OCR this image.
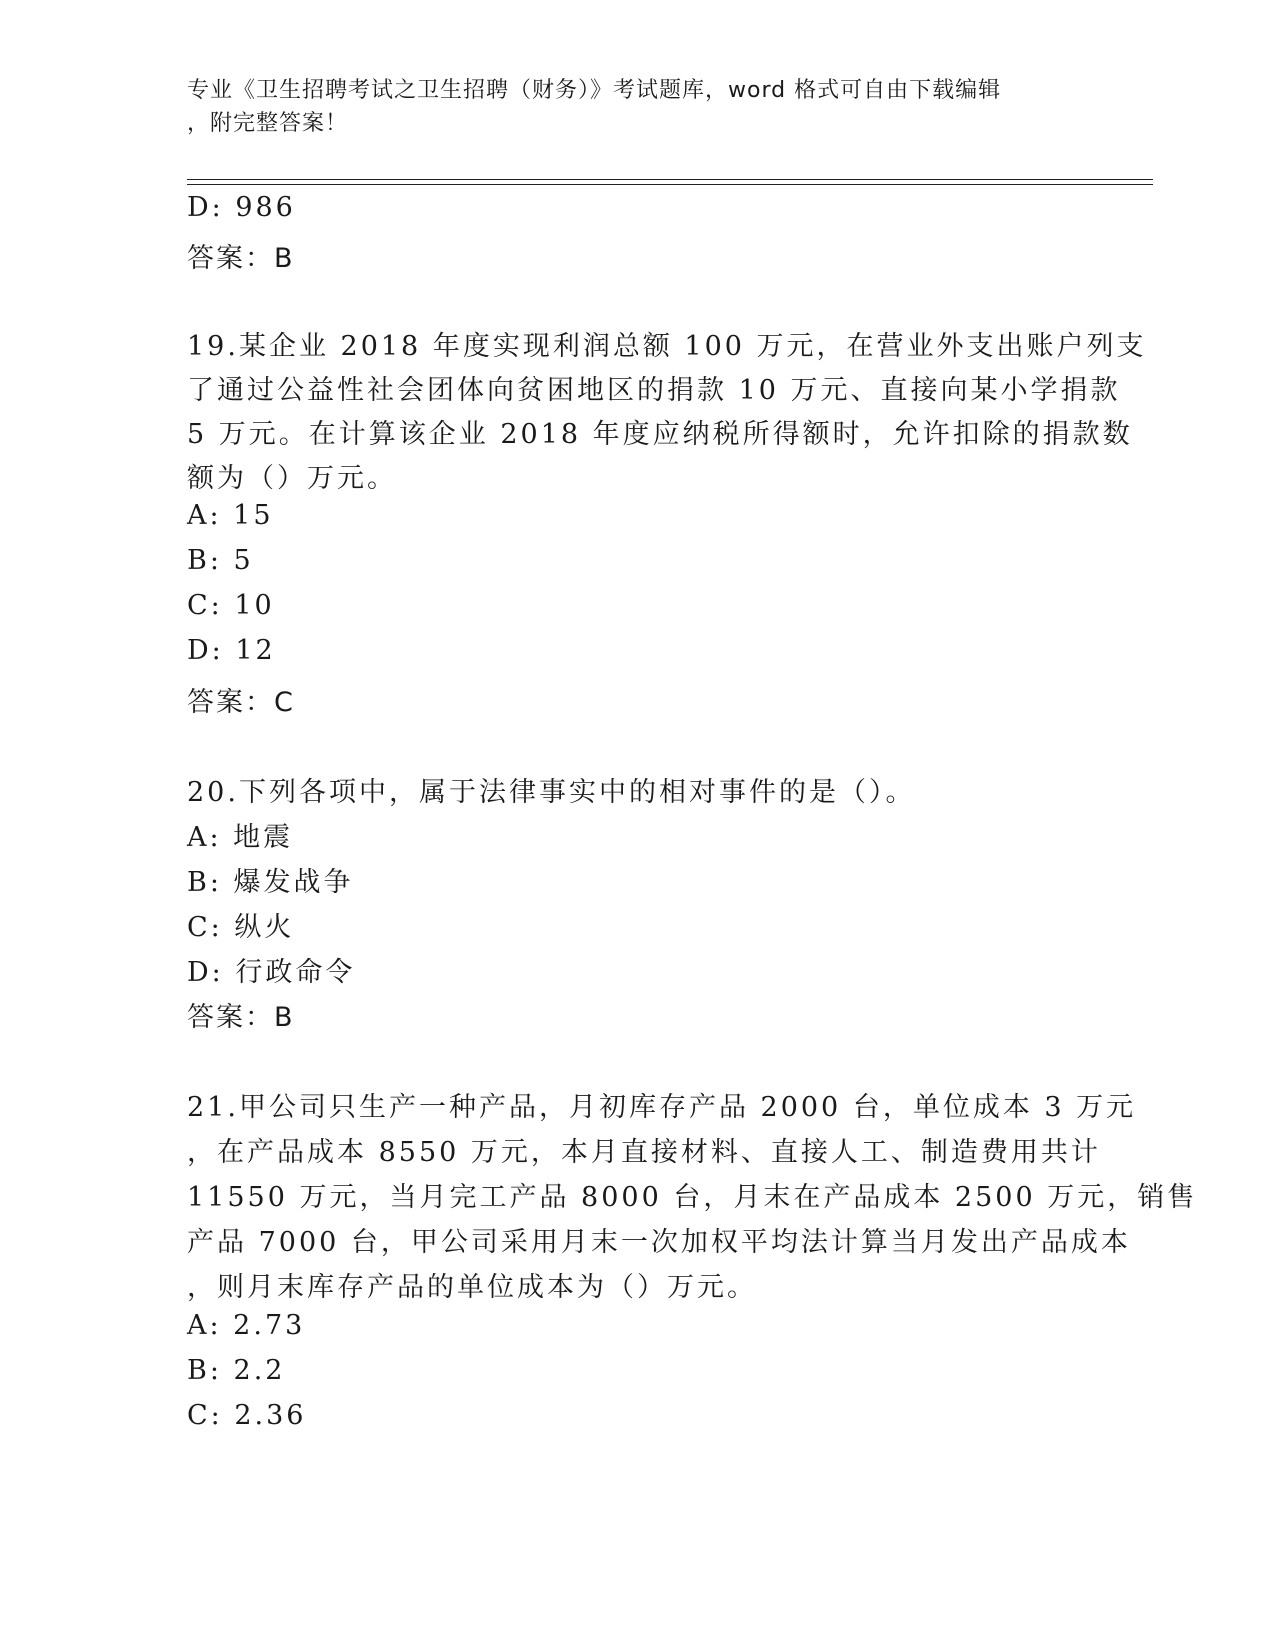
专业《卫生招聘考试之卫生招聘（财务）》考试题库，word 格式可自由下载编辑
，附完整答案！
D: 986
答案：B
19.某企业 2018 年度实现利润总额 100 万元，在营业外支出账户列支
了通过公益性社会团体向贫困地区的捐款 10 万元、直接向某小学捐款
5 万元。在计算该企业 2018 年度应纳税所得额时，允许扣除的捐款数
额为（）万元。
A: 15
B: 5
C: 10
D: 12
答案：C
20.下列各项中，属于法律事实中的相对事件的是（）。
A: 地震
B: 爆发战争
C: 纵火
D: 行政命令
答案：B
21.甲公司只生产一种产品，月初库存产品 2000 台，单位成本 3 万元
，在产品成本 8550 万元，本月直接材料、直接人工、制造费用共计
11550 万元，当月完工产品 8000 台，月末在产品成本 2500 万元，销售
产品 7000 台，甲公司采用月末一次加权平均法计算当月发出产品成本
，则月末库存产品的单位成本为（）万元。
A: 2.73
B: 2.2
C: 2.36
